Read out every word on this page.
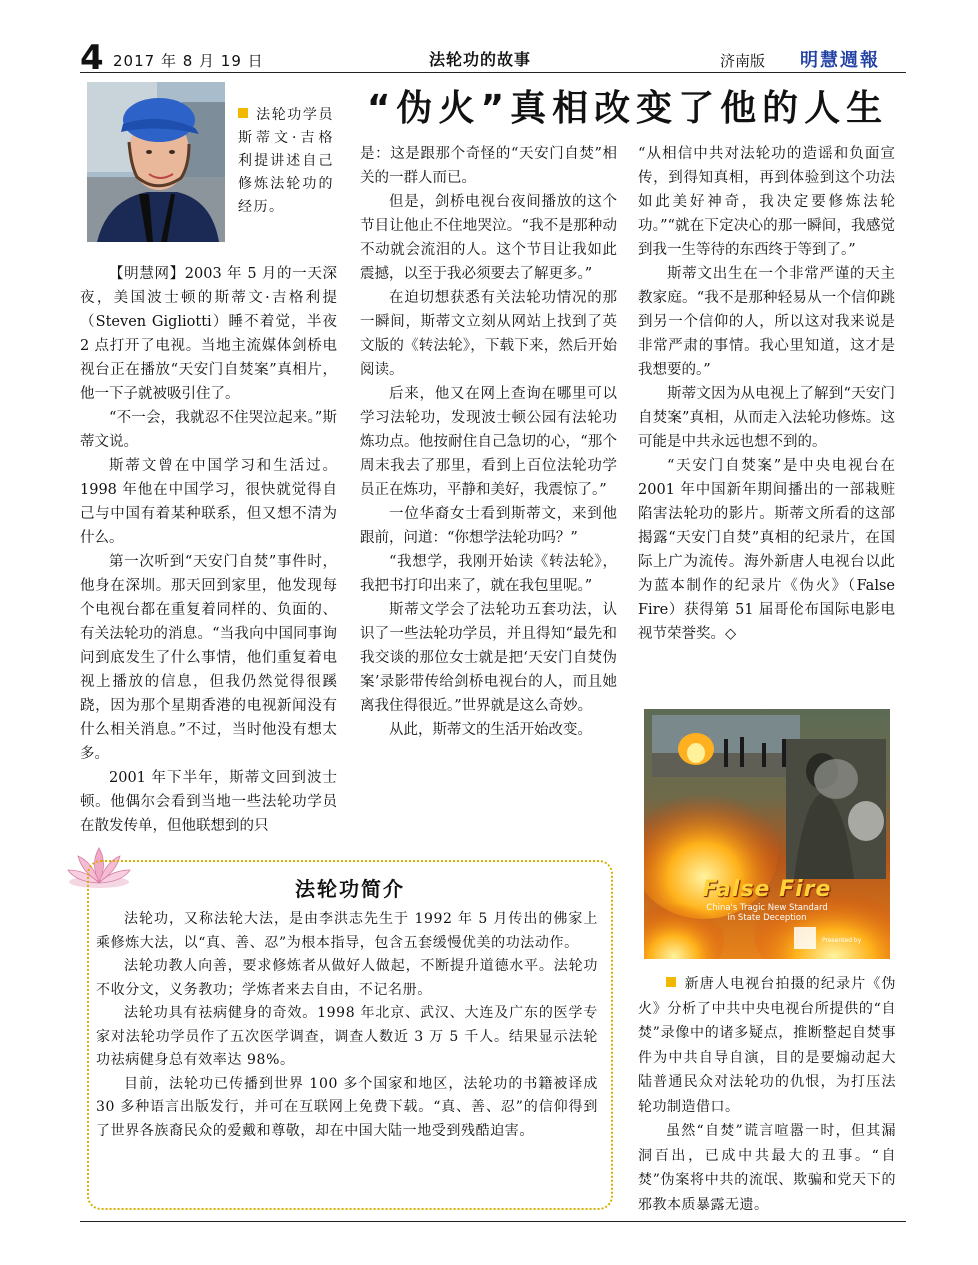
4 2017 年 8 月 19 日	法轮功的故事	济南版 明慧週報
法轮功学员斯蒂文·吉格利提讲述自己修炼法轮功的经历。
“伪火”真相改变了他的人生

【明慧网】2003 年 5 月的一天深夜，美国波士顿的斯蒂文·吉格利提（Steven Gigliotti）睡不着觉，半夜 2 点打开了电视。当地主流媒体剑桥电视台正在播放“天安门自焚案”真相片，他一下子就被吸引住了。

“不一会，我就忍不住哭泣起来。”斯蒂文说。

斯蒂文曾在中国学习和生活过。1998 年他在中国学习，很快就觉得自己与中国有着某种联系，但又想不清为什么。

第一次听到“天安门自焚”事件时，他身在深圳。那天回到家里，他发现每个电视台都在重复着同样的、负面的、有关法轮功的消息。“当我向中国同事询问到底发生了什么事情，他们重复着电视上播放的信息，但我仍然觉得很蹊跷，因为那个星期香港的电视新闻没有什么相关消息。”不过，当时他没有想太多。

2001 年下半年，斯蒂文回到波士顿。他偶尔会看到当地一些法轮功学员在散发传单，但他联想到的只

是：这是跟那个奇怪的“天安门自焚”相关的一群人而已。

但是，剑桥电视台夜间播放的这个节目让他止不住地哭泣。“我不是那种动不动就会流泪的人。这个节目让我如此震撼，以至于我必须要去了解更多。”

在迫切想获悉有关法轮功情况的那一瞬间，斯蒂文立刻从网站上找到了英文版的《转法轮》，下载下来，然后开始阅读。

后来，他又在网上查询在哪里可以学习法轮功，发现波士顿公园有法轮功炼功点。他按耐住自己急切的心，“那个周末我去了那里，看到上百位法轮功学员正在炼功，平静和美好，我震惊了。”

一位华裔女士看到斯蒂文，来到他跟前，问道：“你想学法轮功吗？”

“我想学，我刚开始读《转法轮》，我把书打印出来了，就在我包里呢。”

斯蒂文学会了法轮功五套功法，认识了一些法轮功学员，并且得知“最先和我交谈的那位女士就是把‘天安门自焚伪案’录影带传给剑桥电视台的人，而且她离我住得很近。”世界就是这么奇妙。

从此，斯蒂文的生活开始改变。

“从相信中共对法轮功的造谣和负面宣传，到得知真相，再到体验到这个功法如此美好神奇，我决定要修炼法轮功。”“就在下定决心的那一瞬间，我感觉到我一生等待的东西终于等到了。”

斯蒂文出生在一个非常严谨的天主教家庭。“我不是那种轻易从一个信仰跳到另一个信仰的人，所以这对我来说是非常严肃的事情。我心里知道，这才是我想要的。”

斯蒂文因为从电视上了解到“天安门自焚案”真相，从而走入法轮功修炼。这可能是中共永远也想不到的。

“天安门自焚案”是中央电视台在 2001 年中国新年期间播出的一部栽赃陷害法轮功的影片。斯蒂文所看的这部揭露“天安门自焚”真相的纪录片，在国际上广为流传。海外新唐人电视台以此为蓝本制作的纪录片《伪火》（False Fire）获得第 51 届哥伦布国际电影电视节荣誉奖。◇

Presented by
False Fire
China's Tragic New Standard
in State Deception

新唐人电视台拍摄的纪录片《伪火》分析了中共中央电视台所提供的“自焚”录像中的诸多疑点，推断整起自焚事件为中共自导自演，目的是要煽动起大陆普通民众对法轮功的仇恨，为打压法轮功制造借口。

虽然“自焚”谎言喧嚣一时，但其漏洞百出，已成中共最大的丑事。“自焚”伪案将中共的流氓、欺骗和党天下的邪教本质暴露无遗。

法轮功简介

法轮功，又称法轮大法，是由李洪志先生于 1992 年 5 月传出的佛家上乘修炼大法，以“真、善、忍”为根本指导，包含五套缓慢优美的功法动作。

法轮功教人向善，要求修炼者从做好人做起，不断提升道德水平。法轮功不收分文，义务教功；学炼者来去自由，不记名册。

法轮功具有祛病健身的奇效。1998 年北京、武汉、大连及广东的医学专家对法轮功学员作了五次医学调查，调查人数近 3 万 5 千人。结果显示法轮功祛病健身总有效率达 98%。

目前，法轮功已传播到世界 100 多个国家和地区，法轮功的书籍被译成 30 多种语言出版发行，并可在互联网上免费下载。“真、善、忍”的信仰得到了世界各族裔民众的爱戴和尊敬，却在中国大陆一地受到残酷迫害。
